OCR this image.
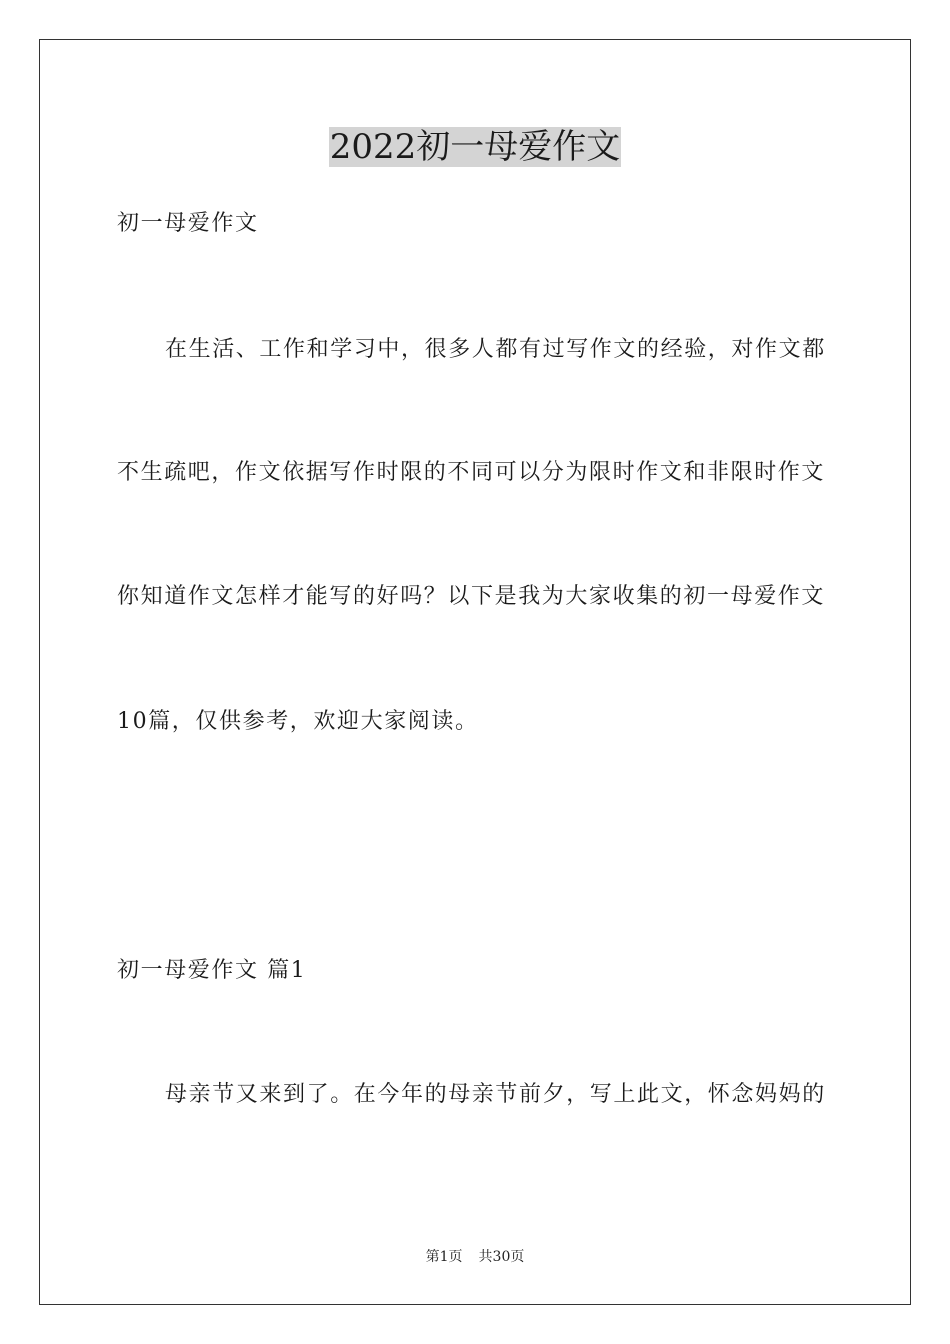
2022初一母爱作文
初一母爱作文
在生活、工作和学习中，很多人都有过写作文的经验，对作文都
不生疏吧，作文依据写作时限的不同可以分为限时作文和非限时作文
你知道作文怎样才能写的好吗？以下是我为大家收集的初一母爱作文
10篇，仅供参考，欢迎大家阅读。
初一母爱作文 篇1
母亲节又来到了。在今年的母亲节前夕，写上此文，怀念妈妈的
第1页 共30页
